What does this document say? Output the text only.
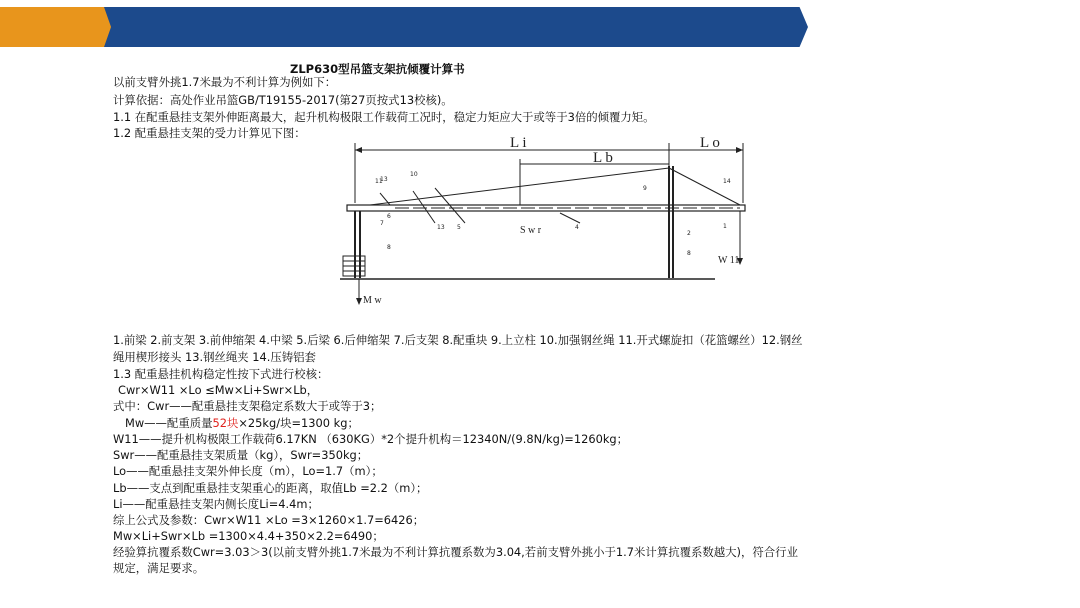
ZLP630型吊篮支架抗倾覆计算书
以前支臂外挑1.7米最为不利计算为例如下：
计算依据：高处作业吊篮GB/T19155-2017(第27页按式13校核)。
1.1 在配重悬挂支架外伸距离最大，起升机构极限工作载荷工况时，稳定力矩应大于或等于3倍的倾覆力矩。
1.2 配重悬挂支架的受力计算见下图：
L i
L b
L o
S w r
W 11
M w
1
2
8
9
10
11
6
7
8
13
13 5	4
14
1.前梁 2.前支架 3.前伸缩架 4.中梁 5.后梁 6.后伸缩架 7.后支架 8.配重块 9.上立柱 10.加强钢丝绳 11.开式螺旋扣（花篮螺丝）12.钢丝
绳用楔形接头 13.钢丝绳夹 14.压铸铝套
1.3 配重悬挂机构稳定性按下式进行校核：
Cwr×W11 ×Lo ≤Mw×Li+Swr×Lb，
式中：Cwr——配重悬挂支架稳定系数大于或等于3；
Mw——配重质量52块×25kg/块=1300 kg；
W11——提升机构极限工作载荷6.17KN （630KG）*2个提升机构＝12340N/(9.8N/kg)=1260kg；
Swr——配重悬挂支架质量（kg），Swr=350kg；
Lo——配重悬挂支架外伸长度（m），Lo=1.7（m）；
Lb——支点到配重悬挂支架重心的距离，取值Lb =2.2（m）；
Li——配重悬挂支架内侧长度Li=4.4m；
综上公式及参数：Cwr×W11 ×Lo =3×1260×1.7=6426；
Mw×Li+Swr×Lb =1300×4.4+350×2.2=6490；
经验算抗覆系数Cwr=3.03＞3(以前支臂外挑1.7米最为不利计算抗覆系数为3.04,若前支臂外挑小于1.7米计算抗覆系数越大)，符合行业
规定，满足要求。
